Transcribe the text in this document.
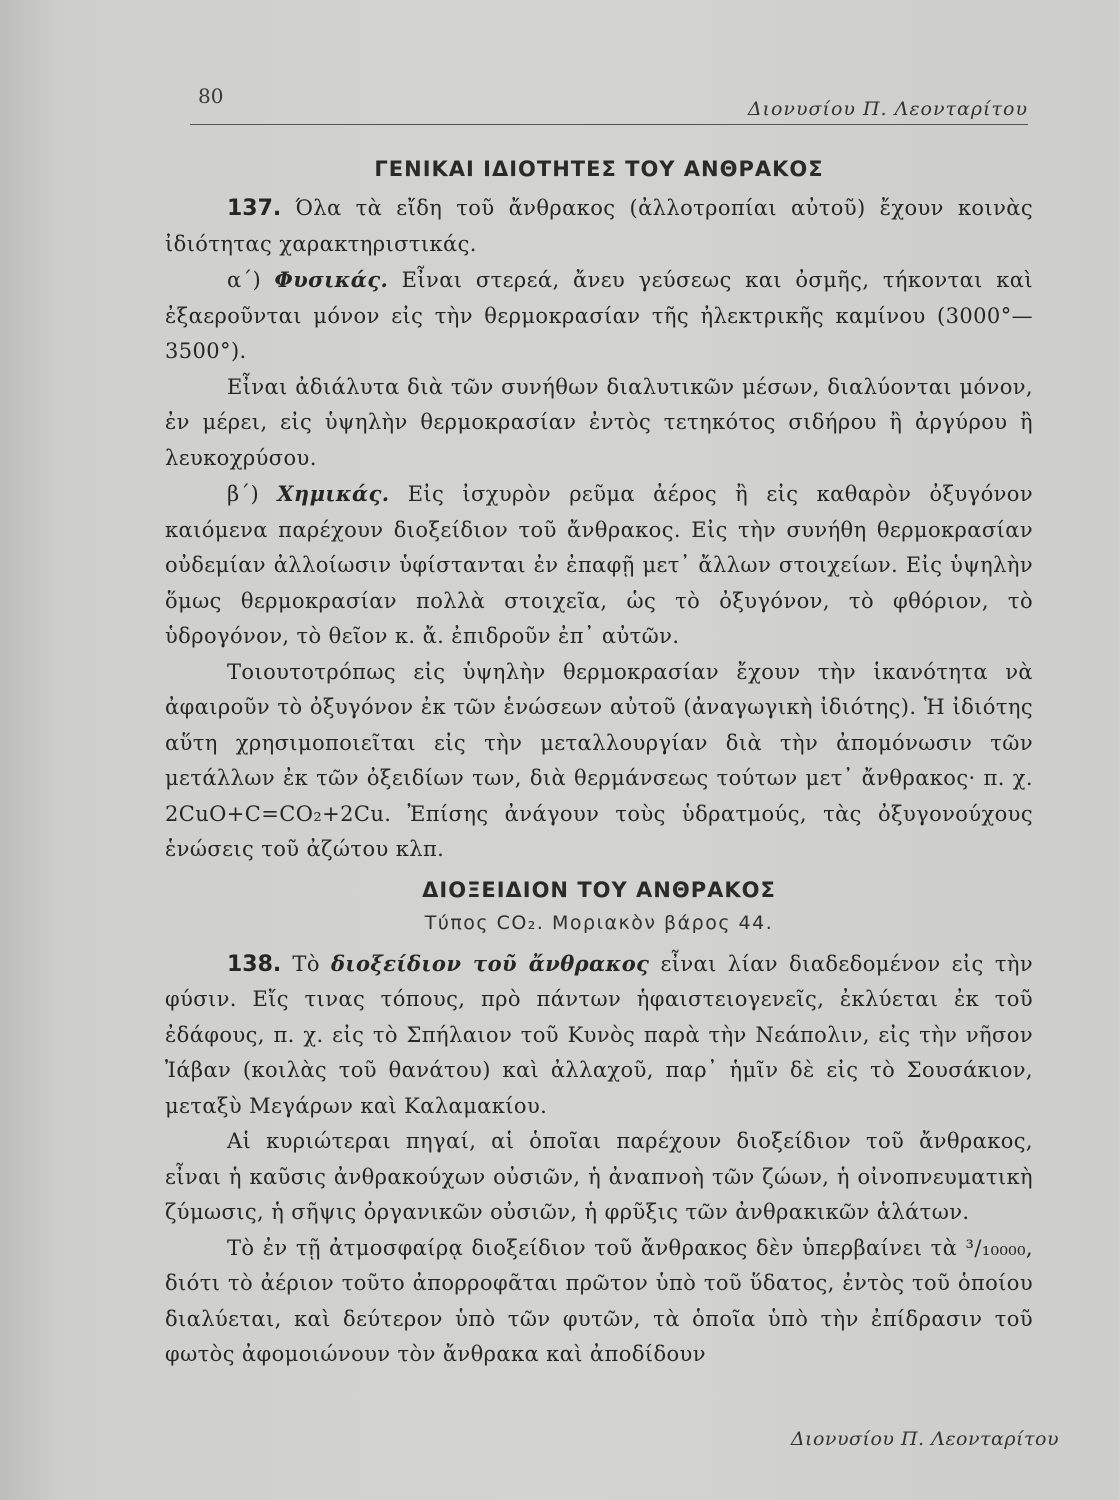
80
Διονυσίου Π. Λεονταρίτου
ΓΕΝΙΚΑΙ ΙΔΙΟΤΗΤΕΣ ΤΟΥ ΑΝΘΡΑΚΟΣ

137. Όλα τὰ εἴδη τοῦ ἄνθρακος (ἀλλοτροπίαι αὐτοῦ) ἔχουν κοινὰς ἰδιότητας χαρακτηριστικάς.

α΄) Φυσικάς. Εἶναι στερεά, ἄνευ γεύσεως και ὀσμῆς, τήκονται καὶ ἐξαεροῦνται μόνον εἰς τὴν θερμοκρασίαν τῆς ἠλεκτρικῆς καμίνου (3000°—3500°).

Εἶναι ἀδιάλυτα διὰ τῶν συνήθων διαλυτικῶν μέσων, διαλύονται μόνον, ἐν μέρει, εἰς ὑψηλὴν θερμοκρασίαν ἐντὸς τετηκότος σιδήρου ἢ ἀργύρου ἢ λευκοχρύσου.

β΄) Χημικάς. Εἰς ἰσχυρὸν ρεῦμα ἀέρος ἢ εἰς καθαρὸν ὀξυγόνον καιόμενα παρέχουν διοξείδιον τοῦ ἄνθρακος. Εἰς τὴν συνήθη θερμοκρασίαν οὐδεμίαν ἀλλοίωσιν ὑφίστανται ἐν ἐπαφῇ μετ᾽ ἄλλων στοιχείων. Εἰς ὑψηλὴν ὅμως θερμοκρασίαν πολλὰ στοιχεῖα, ὡς τὸ ὀξυγόνον, τὸ φθόριον, τὸ ὑδρογόνον, τὸ θεῖον κ. ἄ. ἐπιδροῦν ἐπ᾽ αὐτῶν.

Τοιουτοτρόπως εἰς ὑψηλὴν θερμοκρασίαν ἔχουν τὴν ἱκανότητα νὰ ἀφαιροῦν τὸ ὀξυγόνον ἐκ τῶν ἑνώσεων αὐτοῦ (ἀναγωγικὴ ἰδιότης). Ἡ ἰδιότης αὕτη χρησιμοποιεῖται εἰς τὴν μεταλλουργίαν διὰ τὴν ἀπομόνωσιν τῶν μετάλλων ἐκ τῶν ὀξειδίων των, διὰ θερμάνσεως τούτων μετ᾽ ἄνθρακος· π. χ. 2CuO+C=CO₂+2Cu. Ἐπίσης ἀνάγουν τοὺς ὑδρατμούς, τὰς ὀξυγονούχους ἑνώσεις τοῦ ἀζώτου κλπ.

ΔΙΟΞΕΙΔΙΟΝ ΤΟΥ ΑΝΘΡΑΚΟΣ
Τύπος CO₂. Μοριακὸν βάρος 44.

138. Τὸ διοξείδιον τοῦ ἄνθρακος εἶναι λίαν διαδεδομένον εἰς τὴν φύσιν. Εἴς τινας τόπους, πρὸ πάντων ἡφαιστειογενεῖς, ἐκλύεται ἐκ τοῦ ἐδάφους, π. χ. εἰς τὸ Σπήλαιον τοῦ Κυνὸς παρὰ τὴν Νεάπολιν, εἰς τὴν νῆσον Ἰάβαν (κοιλὰς τοῦ θανάτου) καὶ ἀλλαχοῦ, παρ᾽ ἡμῖν δὲ εἰς τὸ Σουσάκιον, μεταξὺ Μεγάρων καὶ Καλαμακίου.

Αἱ κυριώτεραι πηγαί, αἱ ὁποῖαι παρέχουν διοξείδιον τοῦ ἄνθρακος, εἶναι ἡ καῦσις ἀνθρακούχων οὐσιῶν, ἡ ἀναπνοὴ τῶν ζώων, ἡ οἰνοπνευματικὴ ζύμωσις, ἡ σῆψις ὀργανικῶν οὐσιῶν, ἡ φρῦξις τῶν ἀνθρακικῶν ἁλάτων.

Τὸ ἐν τῇ ἀτμοσφαίρᾳ διοξείδιον τοῦ ἄνθρακος δὲν ὑπερβαίνει τὰ ³/₁₀₀₀₀, διότι τὸ ἀέριον τοῦτο ἀπορροφᾶται πρῶτον ὑπὸ τοῦ ὕδατος, ἐντὸς τοῦ ὁποίου διαλύεται, καὶ δεύτερον ὑπὸ τῶν φυτῶν, τὰ ὁποῖα ὑπὸ τὴν ἐπίδρασιν τοῦ φωτὸς ἀφομοιώνουν τὸν ἄνθρακα καὶ ἀποδίδουν

Διονυσίου Π. Λεονταρίτου
